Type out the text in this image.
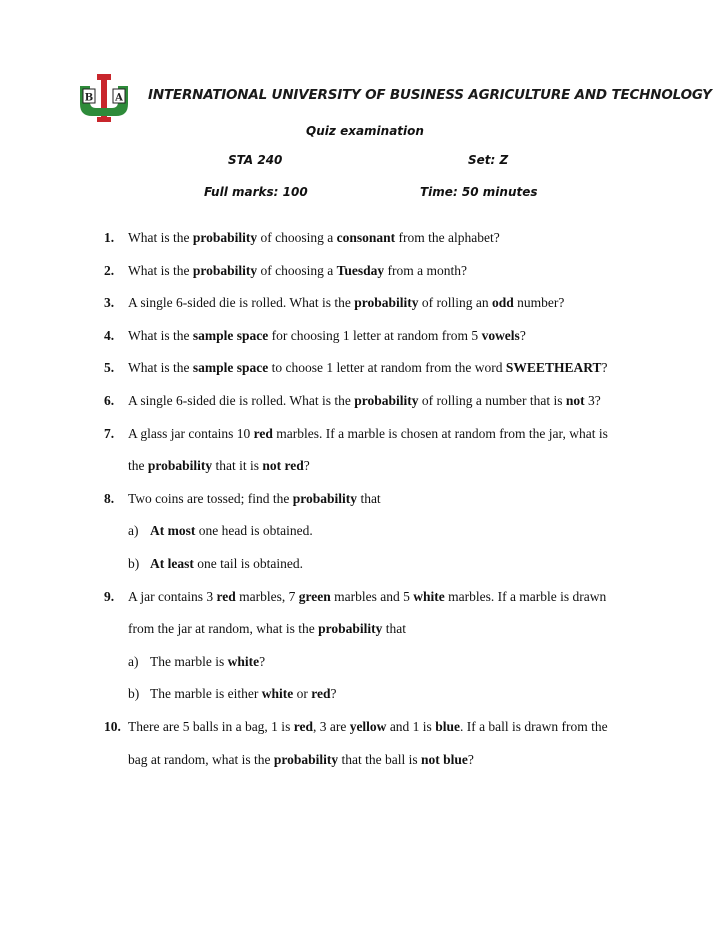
B A INTERNATIONAL UNIVERSITY OF BUSINESS AGRICULTURE AND TECHNOLOGY
Quiz examination
STA 240	Set: Z
Full marks: 100	Time: 50 minutes
1. What is the probability of choosing a consonant from the alphabet?
2. What is the probability of choosing a Tuesday from a month?
3. A single 6-sided die is rolled. What is the probability of rolling an odd number?
4. What is the sample space for choosing 1 letter at random from 5 vowels?
5. What is the sample space to choose 1 letter at random from the word SWEETHEART?
6. A single 6-sided die is rolled. What is the probability of rolling a number that is not 3?
7. A glass jar contains 10 red marbles. If a marble is chosen at random from the jar, what is
the probability that it is not red?
8. Two coins are tossed; find the probability that
a) At most one head is obtained.
b) At least one tail is obtained.
9. A jar contains 3 red marbles, 7 green marbles and 5 white marbles. If a marble is drawn
from the jar at random, what is the probability that
a) The marble is white?
b) The marble is either white or red?
10. There are 5 balls in a bag, 1 is red, 3 are yellow and 1 is blue. If a ball is drawn from the
bag at random, what is the probability that the ball is not blue?
